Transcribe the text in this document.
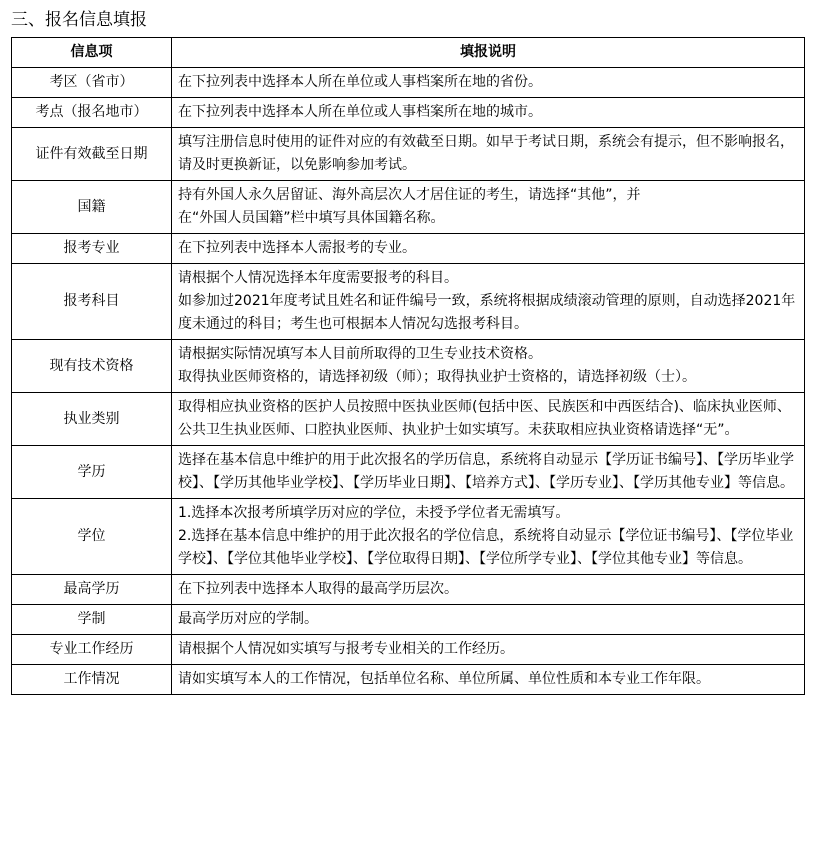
三、报名信息填报
信息项	填报说明
考区（省市）	在下拉列表中选择本人所在单位或人事档案所在地的省份。

考点（报名地市）	在下拉列表中选择本人所在单位或人事档案所在地的城市。

证件有效截至日期	填写注册信息时使用的证件对应的有效截至日期。如早于考试日期，系统会有提示，但不影响报名，请及时更换新证，以免影响参加考试。

国籍	持有外国人永久居留证、海外高层次人才居住证的考生，请选择“其他”，并
在“外国人员国籍”栏中填写具体国籍名称。

报考专业	在下拉列表中选择本人需报考的专业。

报考科目	请根据个人情况选择本年度需要报考的科目。
如参加过2021年度考试且姓名和证件编号一致，系统将根据成绩滚动管理的原则，自动选择2021年度未通过的科目；考生也可根据本人情况勾选报考科目。

现有技术资格	请根据实际情况填写本人目前所取得的卫生专业技术资格。
取得执业医师资格的，请选择初级（师）；取得执业护士资格的，请选择初级（士）。

执业类别	取得相应执业资格的医护人员按照中医执业医师(包括中医、民族医和中西医结合)、临床执业医师、公共卫生执业医师、口腔执业医师、执业护士如实填写。未获取相应执业资格请选择“无”。

学历	选择在基本信息中维护的用于此次报名的学历信息，系统将自动显示【学历证书编号】、【学历毕业学校】、【学历其他毕业学校】、【学历毕业日期】、【培养方式】、【学历专业】、【学历其他专业】等信息。

学位	1.选择本次报考所填学历对应的学位，未授予学位者无需填写。
2.选择在基本信息中维护的用于此次报名的学位信息，系统将自动显示【学位证书编号】、【学位毕业学校】、【学位其他毕业学校】、【学位取得日期】、【学位所学专业】、【学位其他专业】等信息。

最高学历	在下拉列表中选择本人取得的最高学历层次。

学制	最高学历对应的学制。

专业工作经历	请根据个人情况如实填写与报考专业相关的工作经历。

工作情况	请如实填写本人的工作情况，包括单位名称、单位所属、单位性质和本专业工作年限。
